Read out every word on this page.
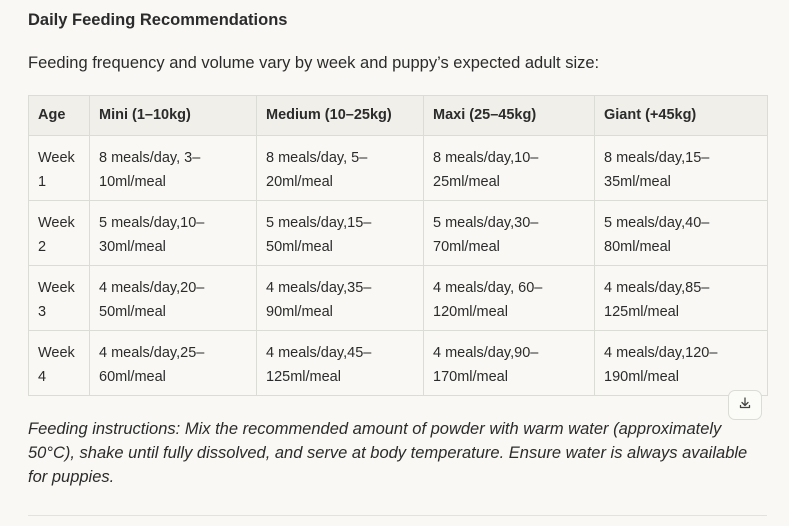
Daily Feeding Recommendations

Feeding frequency and volume vary by week and puppy’s expected adult size:

Age	Mini (1–10kg)	Medium (10–25kg)	Maxi (25–45kg)	Giant (+45kg)
Week 1	8 meals/day, 3–10ml/meal	8 meals/day, 5–20ml/meal	8 meals/day,10–25ml/meal	8 meals/day,15–35ml/meal
Week 2	5 meals/day,10–30ml/meal	5 meals/day,15–50ml/meal	5 meals/day,30–70ml/meal	5 meals/day,40–80ml/meal
Week 3	4 meals/day,20–50ml/meal	4 meals/day,35–90ml/meal	4 meals/day, 60–120ml/meal	4 meals/day,85–125ml/meal
Week 4	4 meals/day,25–60ml/meal	4 meals/day,45–125ml/meal	4 meals/day,90–170ml/meal	4 meals/day,120–190ml/meal

Feeding instructions: Mix the recommended amount of powder with warm water (approximately 50°C), shake until fully dissolved, and serve at body temperature. Ensure water is always available for puppies.
